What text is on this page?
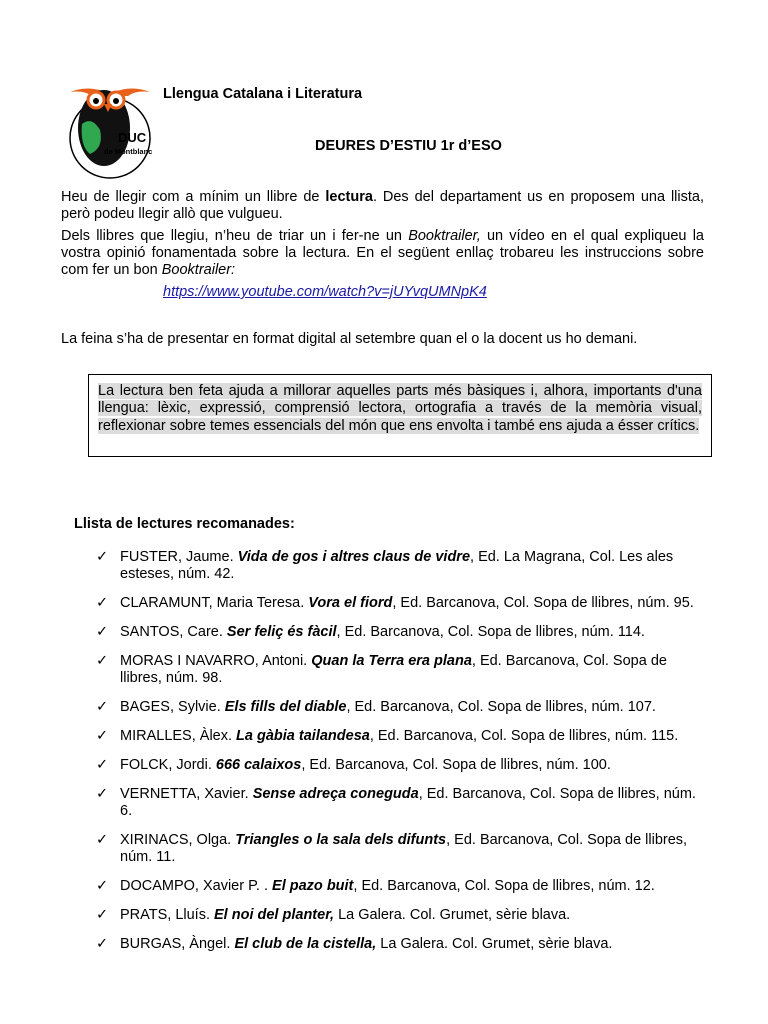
DUC
de Montblanc
Llengua Catalana i Literatura
DEURES D’ESTIU 1r d’ESO

Heu de llegir com a mínim un llibre de lectura. Des del departament us en proposem una llista, però podeu llegir allò que vulgueu.

Dels llibres que llegiu, n’heu de triar un i fer-ne un Booktrailer, un vídeo en el qual expliqueu la vostra opinió fonamentada sobre la lectura. En el següent enllaç trobareu les instruccions sobre com fer un bon Booktrailer:

https://www.youtube.com/watch?v=jUYvqUMNpK4

La feina s’ha de presentar en format digital al setembre quan el o la docent us ho demani.
La lectura ben feta ajuda a millorar aquelles parts més bàsiques i, alhora, importants d'una llengua: lèxic, expressió, comprensió lectora, ortografia a través de la memòria visual, reflexionar sobre temes essencials del món que ens envolta i també ens ajuda a ésser crítics.
Llista de lectures recomanades:
✓ FUSTER, Jaume. Vida de gos i altres claus de vidre, Ed. La Magrana, Col. Les ales esteses, núm. 42.
✓ CLARAMUNT, Maria Teresa. Vora el fiord, Ed. Barcanova, Col. Sopa de llibres, núm. 95.
✓ SANTOS, Care. Ser feliç és fàcil, Ed. Barcanova, Col. Sopa de llibres, núm. 114.
✓ MORAS I NAVARRO, Antoni. Quan la Terra era plana, Ed. Barcanova, Col. Sopa de llibres, núm. 98.
✓ BAGES, Sylvie. Els fills del diable, Ed. Barcanova, Col. Sopa de llibres, núm. 107.
✓ MIRALLES, Àlex. La gàbia tailandesa, Ed. Barcanova, Col. Sopa de llibres, núm. 115.
✓ FOLCK, Jordi. 666 calaixos, Ed. Barcanova, Col. Sopa de llibres, núm. 100.
✓ VERNETTA, Xavier. Sense adreça coneguda, Ed. Barcanova, Col. Sopa de llibres, núm. 6.
✓ XIRINACS, Olga. Triangles o la sala dels difunts, Ed. Barcanova, Col. Sopa de llibres, núm. 11.
✓ DOCAMPO, Xavier P. . El pazo buit, Ed. Barcanova, Col. Sopa de llibres, núm. 12.
✓ PRATS, Lluís. El noi del planter, La Galera. Col. Grumet, sèrie blava.
✓ BURGAS, Àngel. El club de la cistella, La Galera. Col. Grumet, sèrie blava.
